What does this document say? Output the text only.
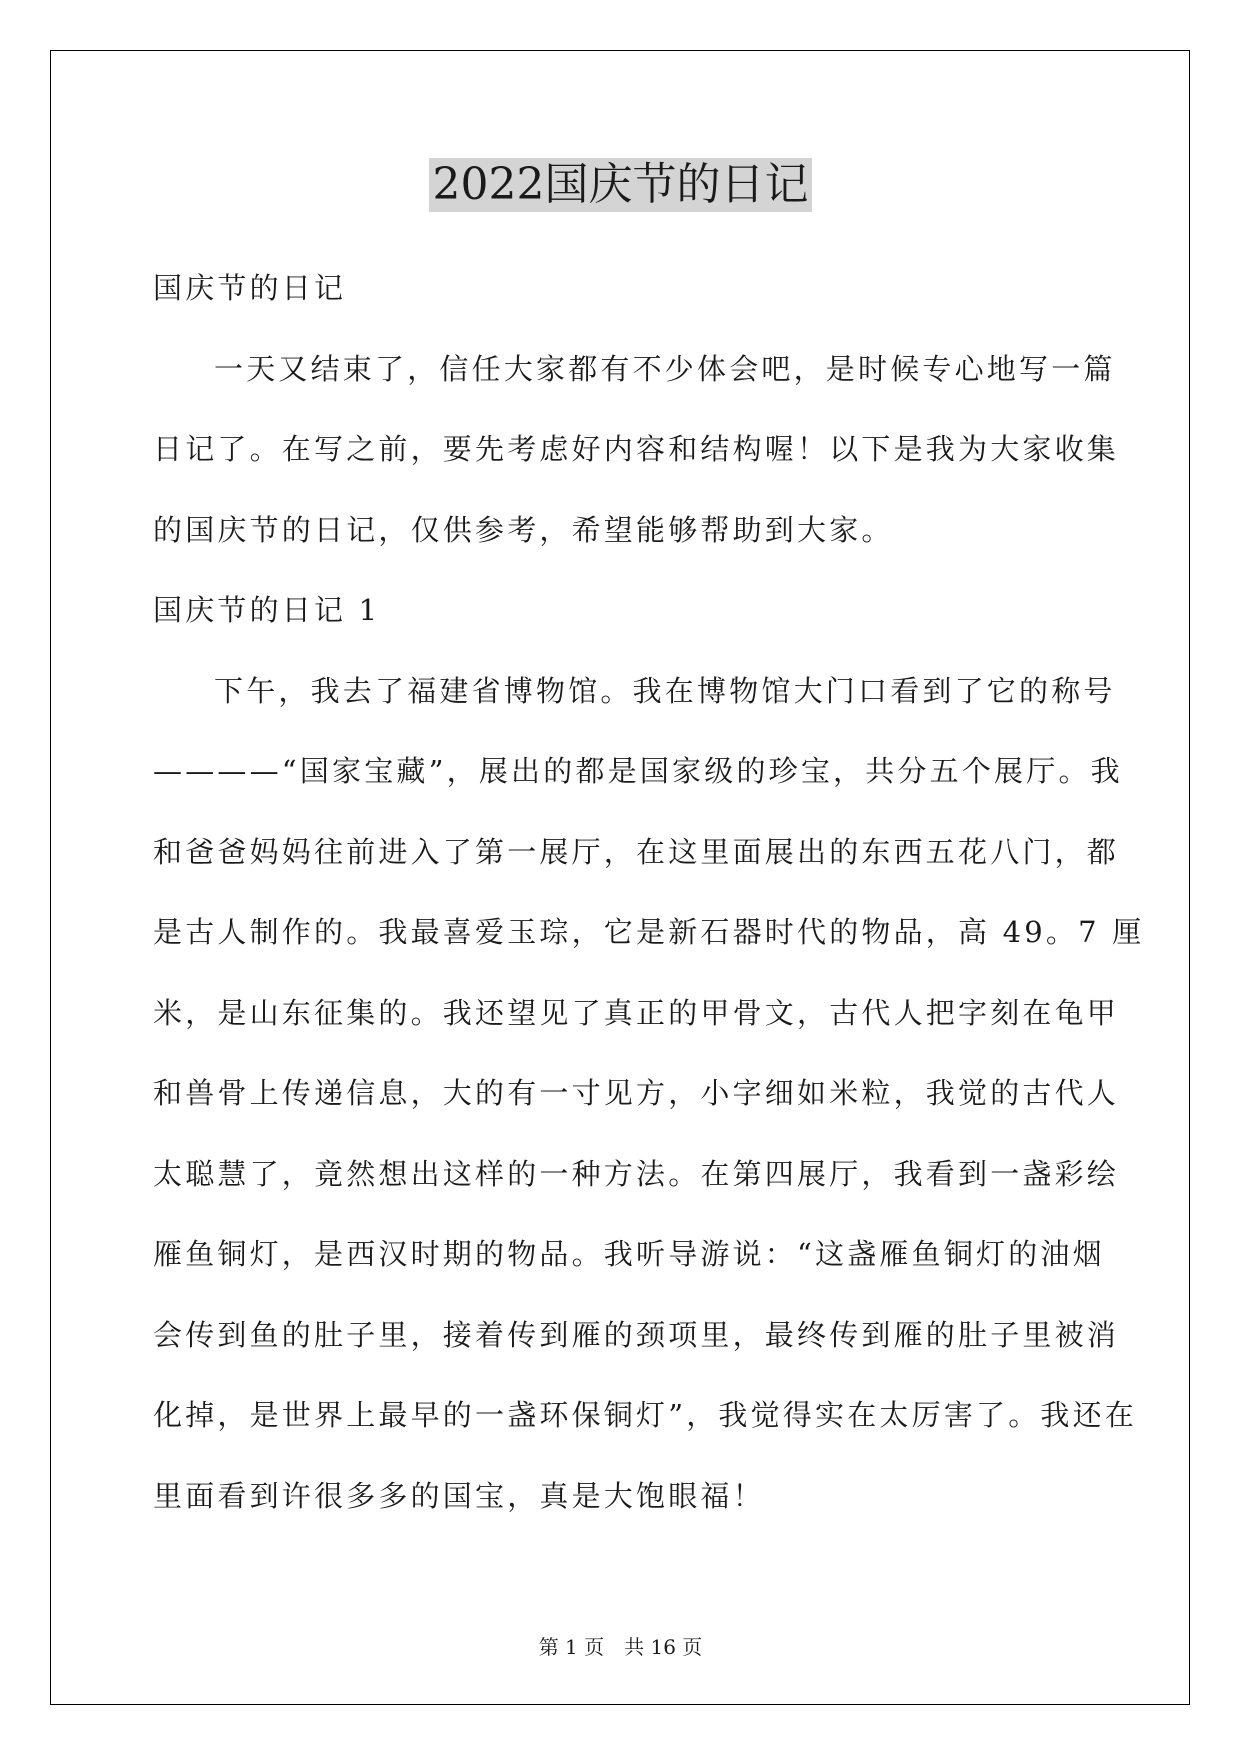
2022国庆节的日记
国庆节的日记
一天又结束了，信任大家都有不少体会吧，是时候专心地写一篇
日记了。在写之前，要先考虑好内容和结构喔！以下是我为大家收集
的国庆节的日记，仅供参考，希望能够帮助到大家。
国庆节的日记 1
下午，我去了福建省博物馆。我在博物馆大门口看到了它的称号
————“国家宝藏”，展出的都是国家级的珍宝，共分五个展厅。我
和爸爸妈妈往前进入了第一展厅，在这里面展出的东西五花八门，都
是古人制作的。我最喜爱玉琮，它是新石器时代的物品，高 49。7 厘
米，是山东征集的。我还望见了真正的甲骨文，古代人把字刻在龟甲
和兽骨上传递信息，大的有一寸见方，小字细如米粒，我觉的古代人
太聪慧了，竟然想出这样的一种方法。在第四展厅，我看到一盏彩绘
雁鱼铜灯，是西汉时期的物品。我听导游说：“这盏雁鱼铜灯的油烟
会传到鱼的肚子里，接着传到雁的颈项里，最终传到雁的肚子里被消
化掉，是世界上最早的一盏环保铜灯”，我觉得实在太厉害了。我还在
里面看到许很多多的国宝，真是大饱眼福！
第 1 页　共 16 页
